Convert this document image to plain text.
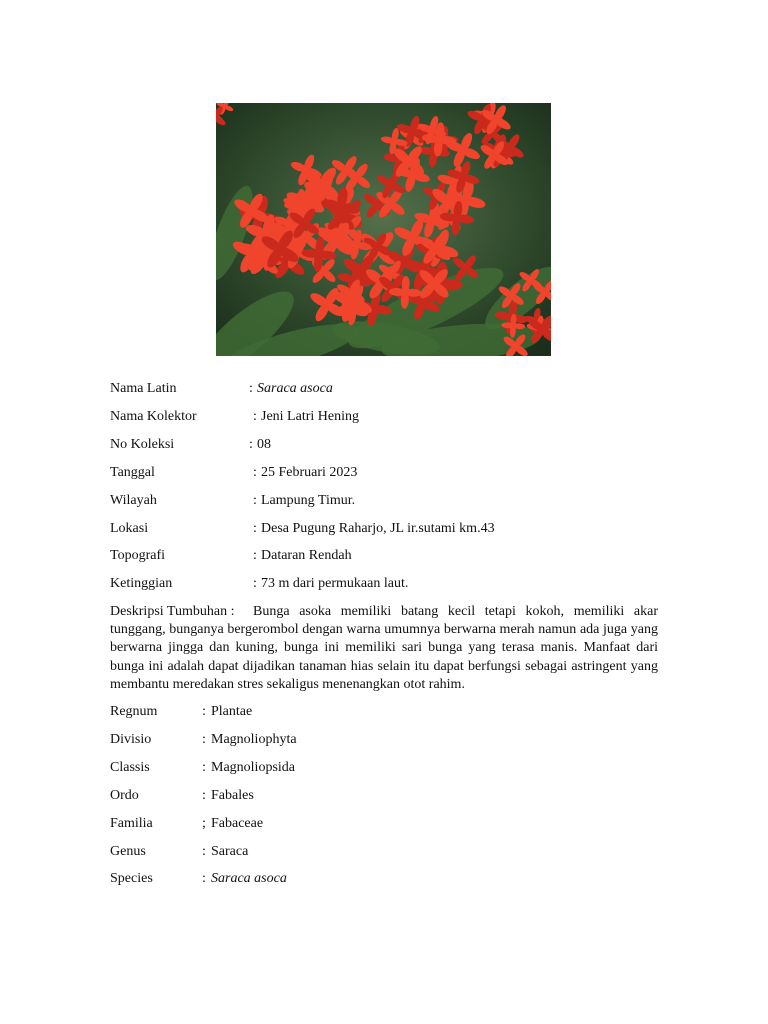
Nama Latin	: Saraca asoca
Nama Kolektor	: Jeni Latri Hening
No Koleksi	: 08
Tanggal	: 25 Februari 2023
Wilayah	: Lampung Timur.
Lokasi	: Desa Pugung Raharjo, JL ir.sutami km.43
Topografi	: Dataran Rendah
Ketinggian	: 73 m dari permukaan laut.
Deskripsi Tumbuhan : Bunga asoka memiliki batang kecil tetapi kokoh, memiliki akar tunggang, bunganya bergerombol dengan warna umumnya berwarna merah namun ada juga yang berwarna jingga dan kuning, bunga ini memiliki sari bunga yang terasa manis. Manfaat dari bunga ini adalah dapat dijadikan tanaman hias selain itu dapat berfungsi sebagai astringent yang membantu meredakan stres sekaligus menenangkan otot rahim.
Regnum	: Plantae
Divisio	: Magnoliophyta
Classis	: Magnoliopsida
Ordo	: Fabales
Familia	; Fabaceae
Genus	: Saraca
Species	: Saraca asoca
